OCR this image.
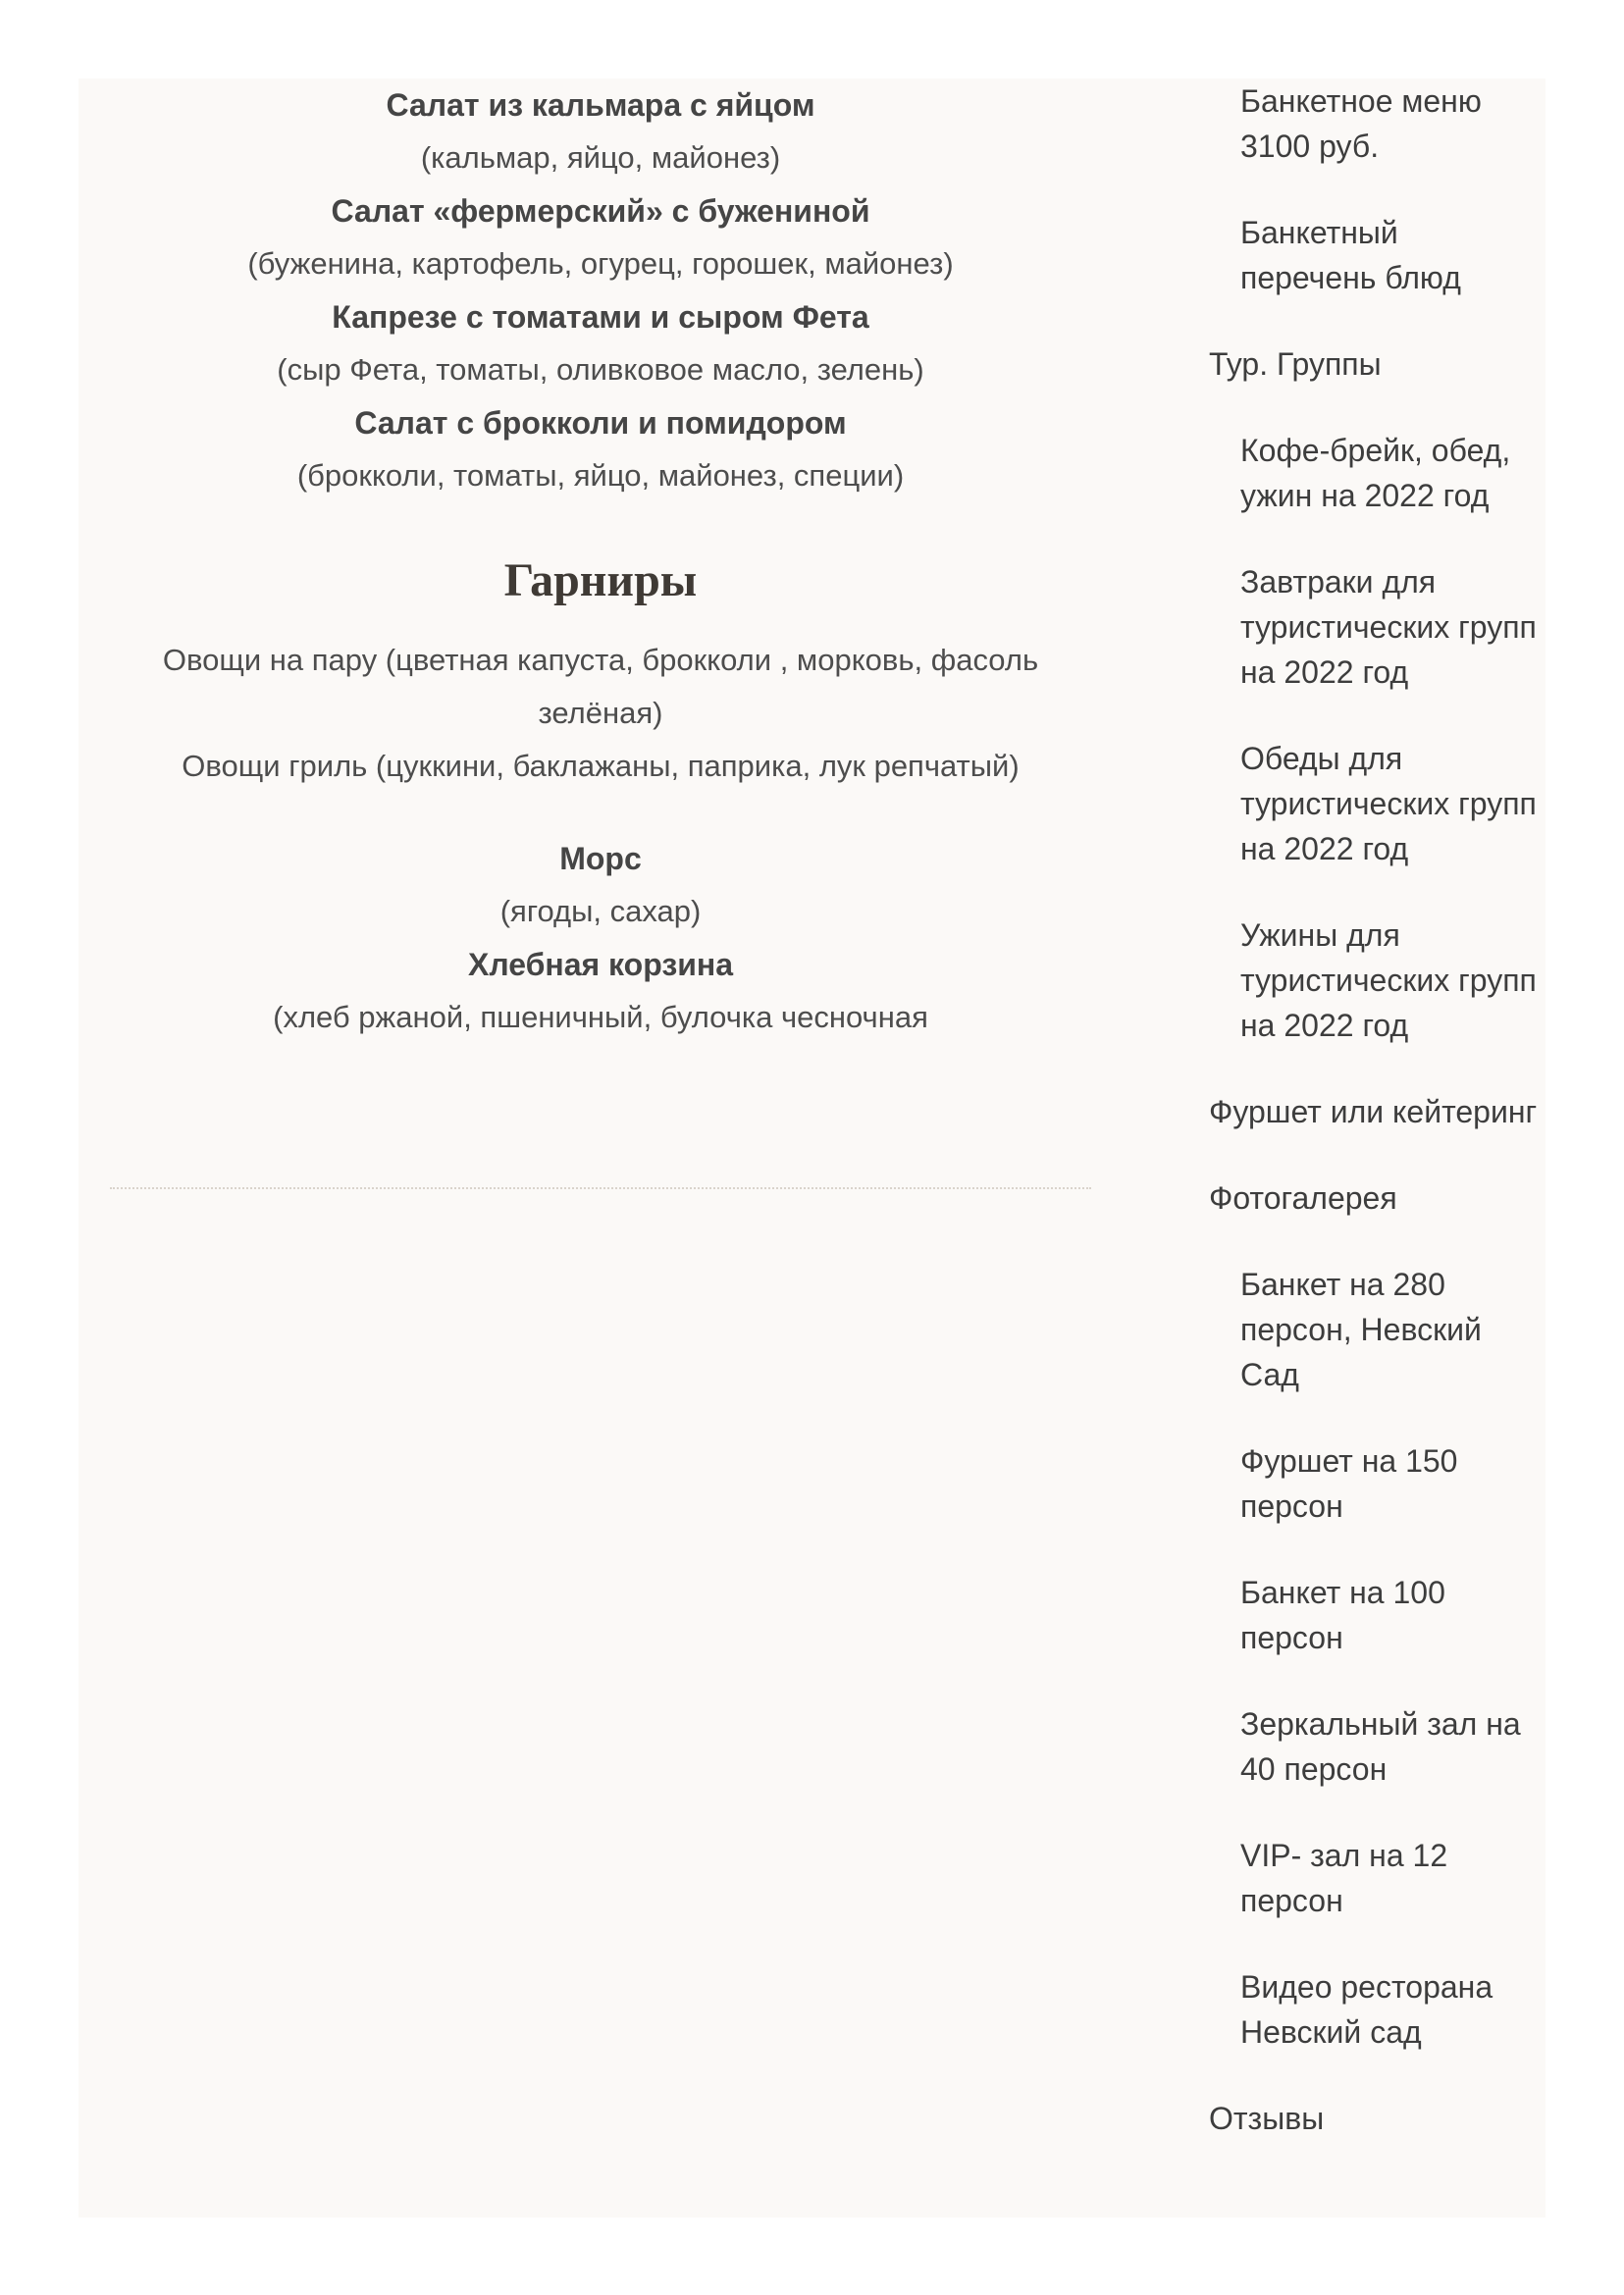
Салат из кальмара с яйцом
(кальмар, яйцо, майонез)
Салат «фермерский» с бужениной
(буженина, картофель, огурец, горошек, майонез)
Капрезе с томатами и сыром Фета
(сыр Фета, томаты, оливковое масло, зелень)
Салат с брокколи и помидором
(брокколи, томаты, яйцо, майонез, специи)
Гарниры
Овощи на пару (цветная капуста, брокколи , морковь, фасоль зелёная)
Овощи гриль (цуккини, баклажаны, паприка, лук репчатый)
Морс
(ягоды, сахар)
Хлебная корзина
(хлеб ржаной, пшеничный, булочка чесночная
Банкетное меню 3100 руб.
Банкетный перечень блюд
Тур. Группы
Кофе-брейк, обед, ужин на 2022 год
Завтраки для туристических групп на 2022 год
Обеды для туристических групп на 2022 год
Ужины для туристических групп на 2022 год
Фуршет или кейтеринг
Фотогалерея
Банкет на 280 персон, Невский Сад
Фуршет на 150 персон
Банкет на 100 персон
Зеркальный зал на 40 персон
VIP- зал на 12 персон
Видео ресторана Невский сад
Отзывы
